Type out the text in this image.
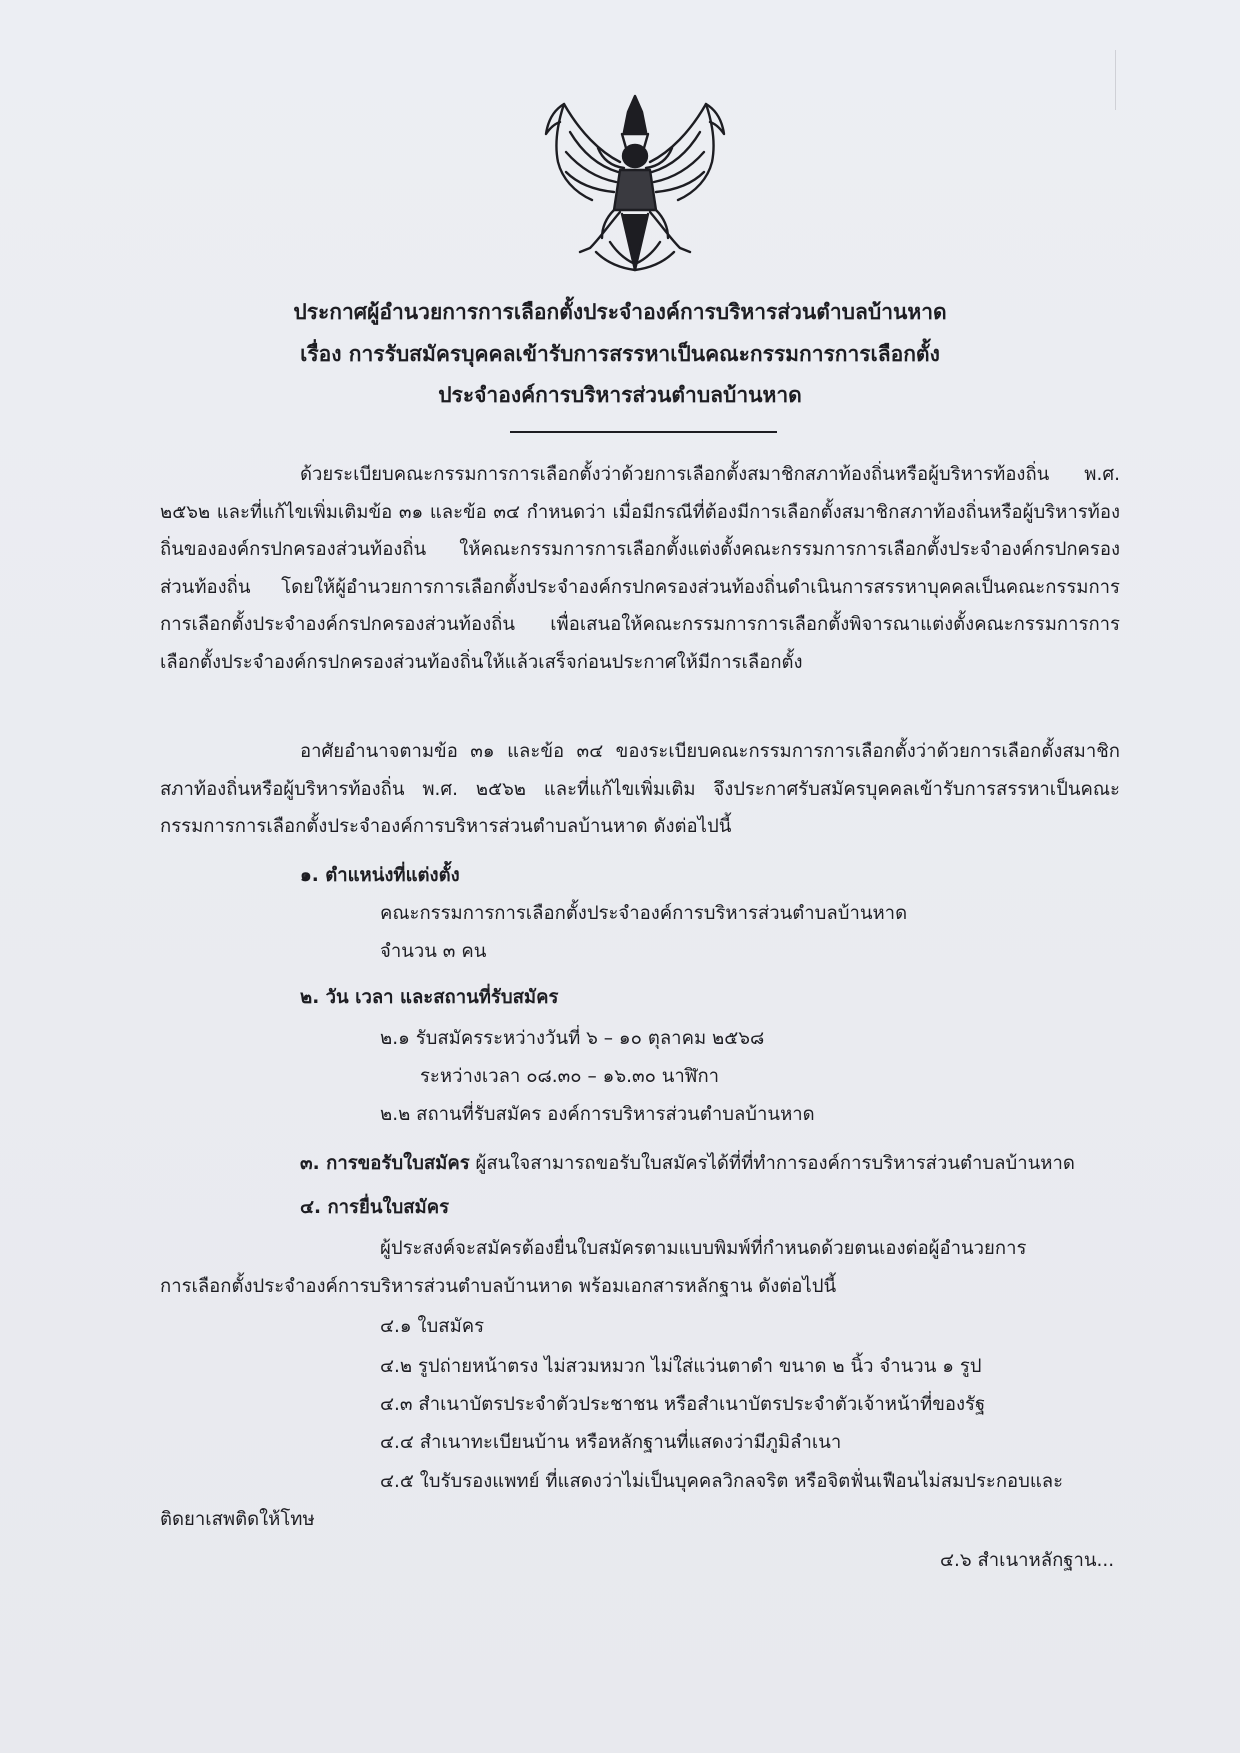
ประกาศผู้อำนวยการการเลือกตั้งประจำองค์การบริหารส่วนตำบลบ้านหาด
เรื่อง การรับสมัครบุคคลเข้ารับการสรรหาเป็นคณะกรรมการการเลือกตั้ง
ประจำองค์การบริหารส่วนตำบลบ้านหาด

ด้วยระเบียบคณะกรรมการการเลือกตั้งว่าด้วยการเลือกตั้งสมาชิกสภาท้องถิ่นหรือผู้บริหารท้องถิ่น พ.ศ. ๒๕๖๒ และที่แก้ไขเพิ่มเติมข้อ ๓๑ และข้อ ๓๔ กำหนดว่า เมื่อมีกรณีที่ต้องมีการเลือกตั้งสมาชิกสภาท้องถิ่นหรือผู้บริหารท้องถิ่นขององค์กรปกครองส่วนท้องถิ่น ให้คณะกรรมการการเลือกตั้งแต่งตั้งคณะกรรมการการเลือกตั้งประจำองค์กรปกครองส่วนท้องถิ่น โดยให้ผู้อำนวยการการเลือกตั้งประจำองค์กรปกครองส่วนท้องถิ่นดำเนินการสรรหาบุคคลเป็นคณะกรรมการการเลือกตั้งประจำองค์กรปกครองส่วนท้องถิ่น เพื่อเสนอให้คณะกรรมการการเลือกตั้งพิจารณาแต่งตั้งคณะกรรมการการเลือกตั้งประจำองค์กรปกครองส่วนท้องถิ่นให้แล้วเสร็จก่อนประกาศให้มีการเลือกตั้ง

อาศัยอำนาจตามข้อ ๓๑ และข้อ ๓๔ ของระเบียบคณะกรรมการการเลือกตั้งว่าด้วยการเลือกตั้งสมาชิกสภาท้องถิ่นหรือผู้บริหารท้องถิ่น พ.ศ. ๒๕๖๒ และที่แก้ไขเพิ่มเติม จึงประกาศรับสมัครบุคคลเข้ารับการสรรหาเป็นคณะกรรมการการเลือกตั้งประจำองค์การบริหารส่วนตำบลบ้านหาด ดังต่อไปนี้

๑. ตำแหน่งที่แต่งตั้ง
คณะกรรมการการเลือกตั้งประจำองค์การบริหารส่วนตำบลบ้านหาด
จำนวน ๓ คน
๒. วัน เวลา และสถานที่รับสมัคร
๒.๑ รับสมัครระหว่างวันที่ ๖ – ๑๐ ตุลาคม ๒๕๖๘
ระหว่างเวลา ๐๘.๓๐ – ๑๖.๓๐ นาฬิกา
๒.๒ สถานที่รับสมัคร องค์การบริหารส่วนตำบลบ้านหาด
๓. การขอรับใบสมัคร ผู้สนใจสามารถขอรับใบสมัครได้ที่ที่ทำการองค์การบริหารส่วนตำบลบ้านหาด
๔. การยื่นใบสมัคร
ผู้ประสงค์จะสมัครต้องยื่นใบสมัครตามแบบพิมพ์ที่กำหนดด้วยตนเองต่อผู้อำนวยการ
การเลือกตั้งประจำองค์การบริหารส่วนตำบลบ้านหาด พร้อมเอกสารหลักฐาน ดังต่อไปนี้
๔.๑ ใบสมัคร
๔.๒ รูปถ่ายหน้าตรง ไม่สวมหมวก ไม่ใส่แว่นตาดำ ขนาด ๒ นิ้ว จำนวน ๑ รูป
๔.๓ สำเนาบัตรประจำตัวประชาชน หรือสำเนาบัตรประจำตัวเจ้าหน้าที่ของรัฐ
๔.๔ สำเนาทะเบียนบ้าน หรือหลักฐานที่แสดงว่ามีภูมิลำเนา
๔.๕ ใบรับรองแพทย์ ที่แสดงว่าไม่เป็นบุคคลวิกลจริต หรือจิตฟั่นเฟือนไม่สมประกอบและ
ติดยาเสพติดให้โทษ
๔.๖ สำเนาหลักฐาน...
